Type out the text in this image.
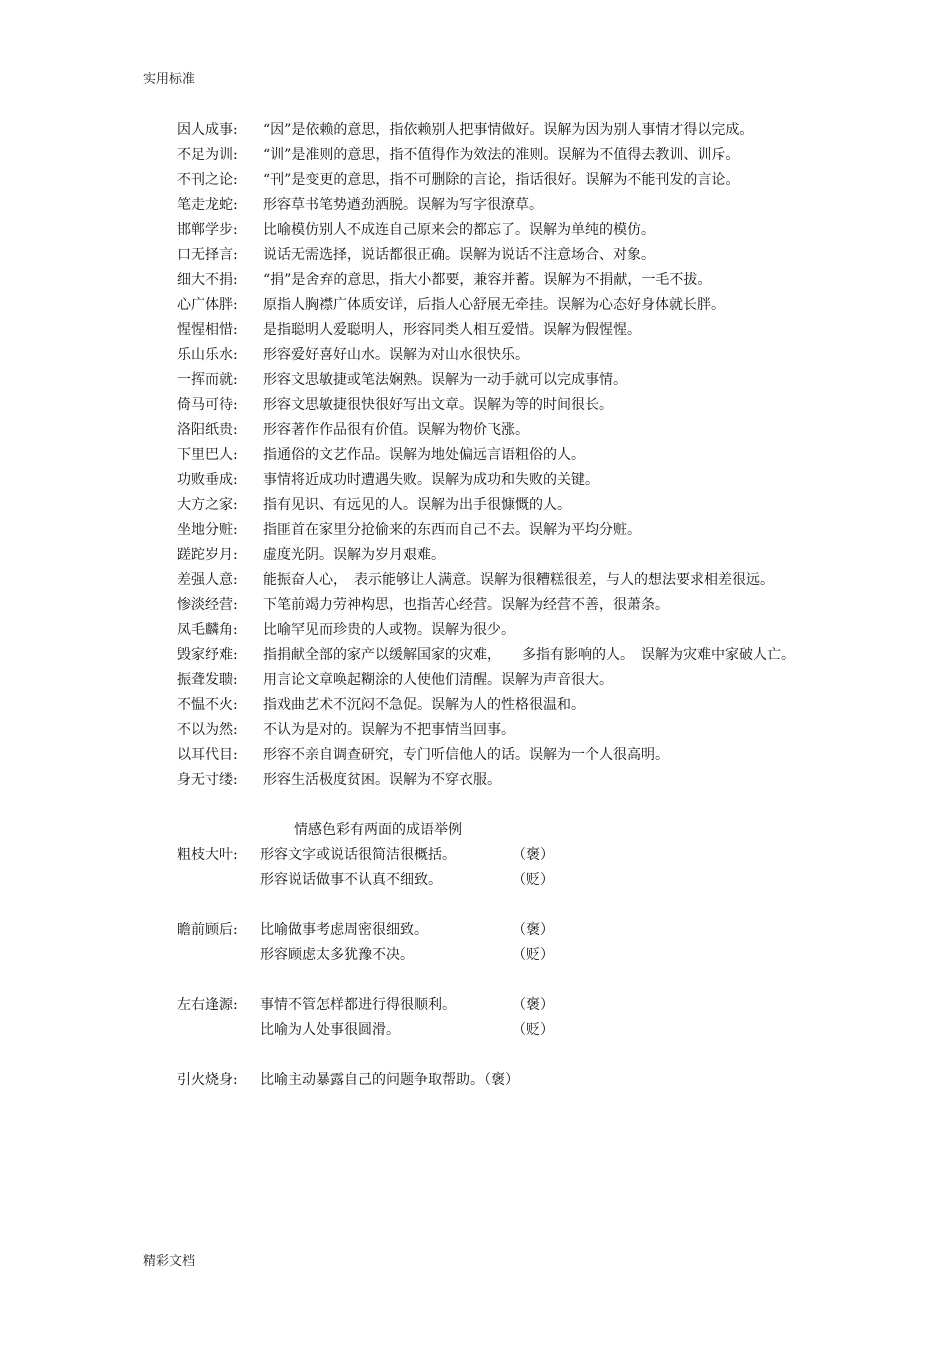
实用标准
因人成事: “因”是依赖的意思，指依赖别人把事情做好。误解为因为别人事情才得以完成。
不足为训: “训”是准则的意思，指不值得作为效法的准则。误解为不值得去教训、训斥。
不刊之论: “刊”是变更的意思，指不可删除的言论，指话很好。误解为不能刊发的言论。
笔走龙蛇: 形容草书笔势遒劲洒脱。误解为写字很潦草。
邯郸学步: 比喻模仿别人不成连自己原来会的都忘了。误解为单纯的模仿。
口无择言: 说话无需选择，说话都很正确。误解为说话不注意场合、对象。
细大不捐: “捐”是舍弃的意思，指大小都要，兼容并蓄。误解为不捐献，一毛不拔。
心广体胖: 原指人胸襟广体质安详，后指人心舒展无牵挂。误解为心态好身体就长胖。
惺惺相惜: 是指聪明人爱聪明人，形容同类人相互爱惜。误解为假惺惺。
乐山乐水: 形容爱好喜好山水。误解为对山水很快乐。
一挥而就: 形容文思敏捷或笔法娴熟。误解为一动手就可以完成事情。
倚马可待: 形容文思敏捷很快很好写出文章。误解为等的时间很长。
洛阳纸贵: 形容著作作品很有价值。误解为物价飞涨。
下里巴人: 指通俗的文艺作品。误解为地处偏远言语粗俗的人。
功败垂成: 事情将近成功时遭遇失败。误解为成功和失败的关键。
大方之家: 指有见识、有远见的人。误解为出手很慷慨的人。
坐地分赃: 指匪首在家里分抢偷来的东西而自己不去。误解为平均分赃。
蹉跎岁月: 虚度光阴。误解为岁月艰难。
差强人意: 能振奋人心，　表示能够让人满意。误解为很糟糕很差，与人的想法要求相差很远。
惨淡经营: 下笔前竭力劳神构思，也指苦心经营。误解为经营不善，很萧条。
凤毛麟角: 比喻罕见而珍贵的人或物。误解为很少。
毁家纾难: 指捐献全部的家产以缓解国家的灾难，　　多指有影响的人。　误解为灾难中家破人亡。
振聋发聩: 用言论文章唤起糊涂的人使他们清醒。误解为声音很大。
不愠不火: 指戏曲艺术不沉闷不急促。误解为人的性格很温和。
不以为然: 不认为是对的。误解为不把事情当回事。
以耳代目: 形容不亲自调查研究，专门听信他人的话。误解为一个人很高明。
身无寸缕: 形容生活极度贫困。误解为不穿衣服。
情感色彩有两面的成语举例
粗枝大叶:	形容文字或说话很简洁很概括。	（褒）
形容说话做事不认真不细致。	（贬）
瞻前顾后:	比喻做事考虑周密很细致。	（褒）
形容顾虑太多犹豫不决。	（贬）
左右逢源:	事情不管怎样都进行得很顺利。	（褒）
比喻为人处事很圆滑。	（贬）
引火烧身:	比喻主动暴露自己的问题争取帮助。（褒）
精彩文档
